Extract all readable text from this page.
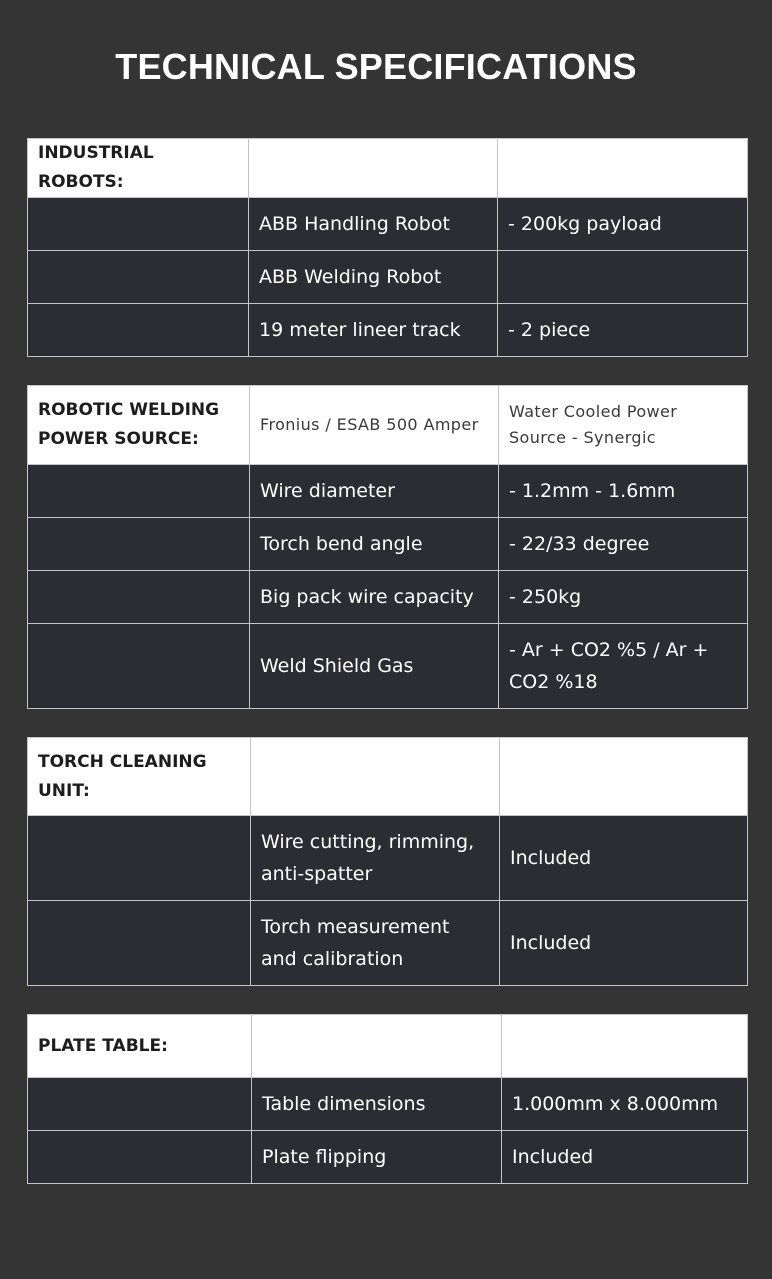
TECHNICAL SPECIFICATIONS
INDUSTRIAL ROBOTS:		
	ABB Handling Robot	- 200kg payload
	ABB Welding Robot	
	19 meter lineer track	- 2 piece
ROBOTIC WELDING POWER SOURCE:	Fronius / ESAB 500 Amper	Water Cooled Power Source - Synergic

	Wire diameter	- 1.2mm - 1.6mm
	Torch bend angle	- 22/33 degree
	Big pack wire capacity	- 250kg
	Weld Shield Gas	- Ar + CO2 %5 / Ar + CO2 %18
TORCH CLEANING UNIT:		

	Wire cutting, rimming, anti-spatter	Included
	Torch measurement and calibration	Included
PLATE TABLE:		
	Table dimensions	1.000mm x 8.000mm
	Plate flipping	Included
